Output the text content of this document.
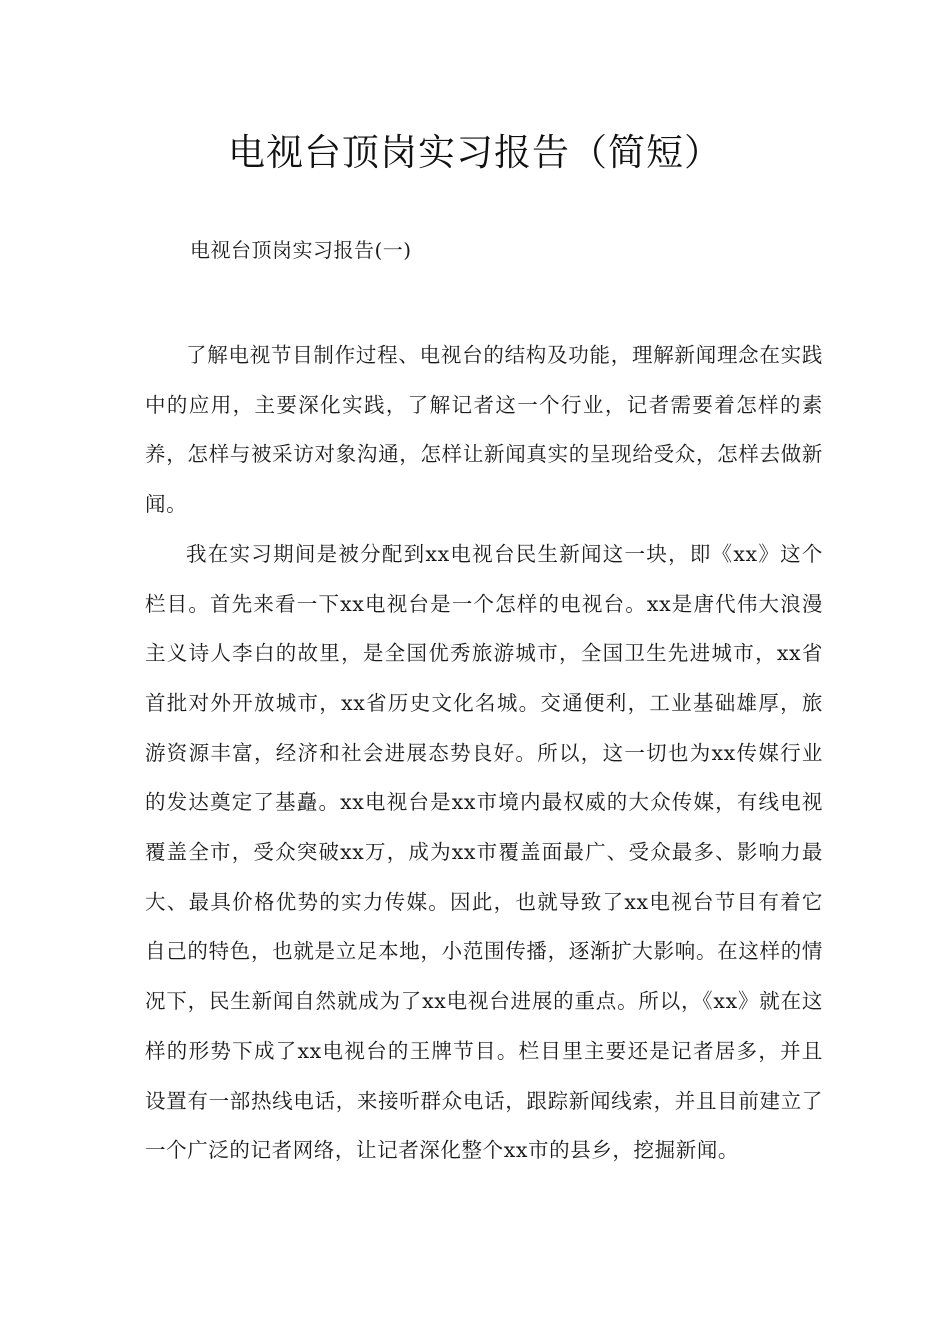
电视台顶岗实习报告（简短）

电视台顶岗实习报告(一)

了解电视节目制作过程、电视台的结构及功能，理解新闻理念在实践中的应用，主要深化实践，了解记者这一个行业，记者需要着怎样的素养，怎样与被采访对象沟通，怎样让新闻真实的呈现给受众，怎样去做新闻。

我在实习期间是被分配到xx电视台民生新闻这一块，即《xx》这个栏目。首先来看一下xx电视台是一个怎样的电视台。xx是唐代伟大浪漫主义诗人李白的故里，是全国优秀旅游城市，全国卫生先进城市，xx省首批对外开放城市，xx省历史文化名城。交通便利，工业基础雄厚，旅游资源丰富，经济和社会进展态势良好。所以，这一切也为xx传媒行业的发达奠定了基矗。xx电视台是xx市境内最权威的大众传媒，有线电视覆盖全市，受众突破xx万，成为xx市覆盖面最广、受众最多、影响力最大、最具价格优势的实力传媒。因此，也就导致了xx电视台节目有着它自己的特色，也就是立足本地，小范围传播，逐渐扩大影响。在这样的情况下，民生新闻自然就成为了xx电视台进展的重点。所以，《xx》就在这样的形势下成了xx电视台的王牌节目。栏目里主要还是记者居多，并且设置有一部热线电话，来接听群众电话，跟踪新闻线索，并且目前建立了一个广泛的记者网络，让记者深化整个xx市的县乡，挖掘新闻。
